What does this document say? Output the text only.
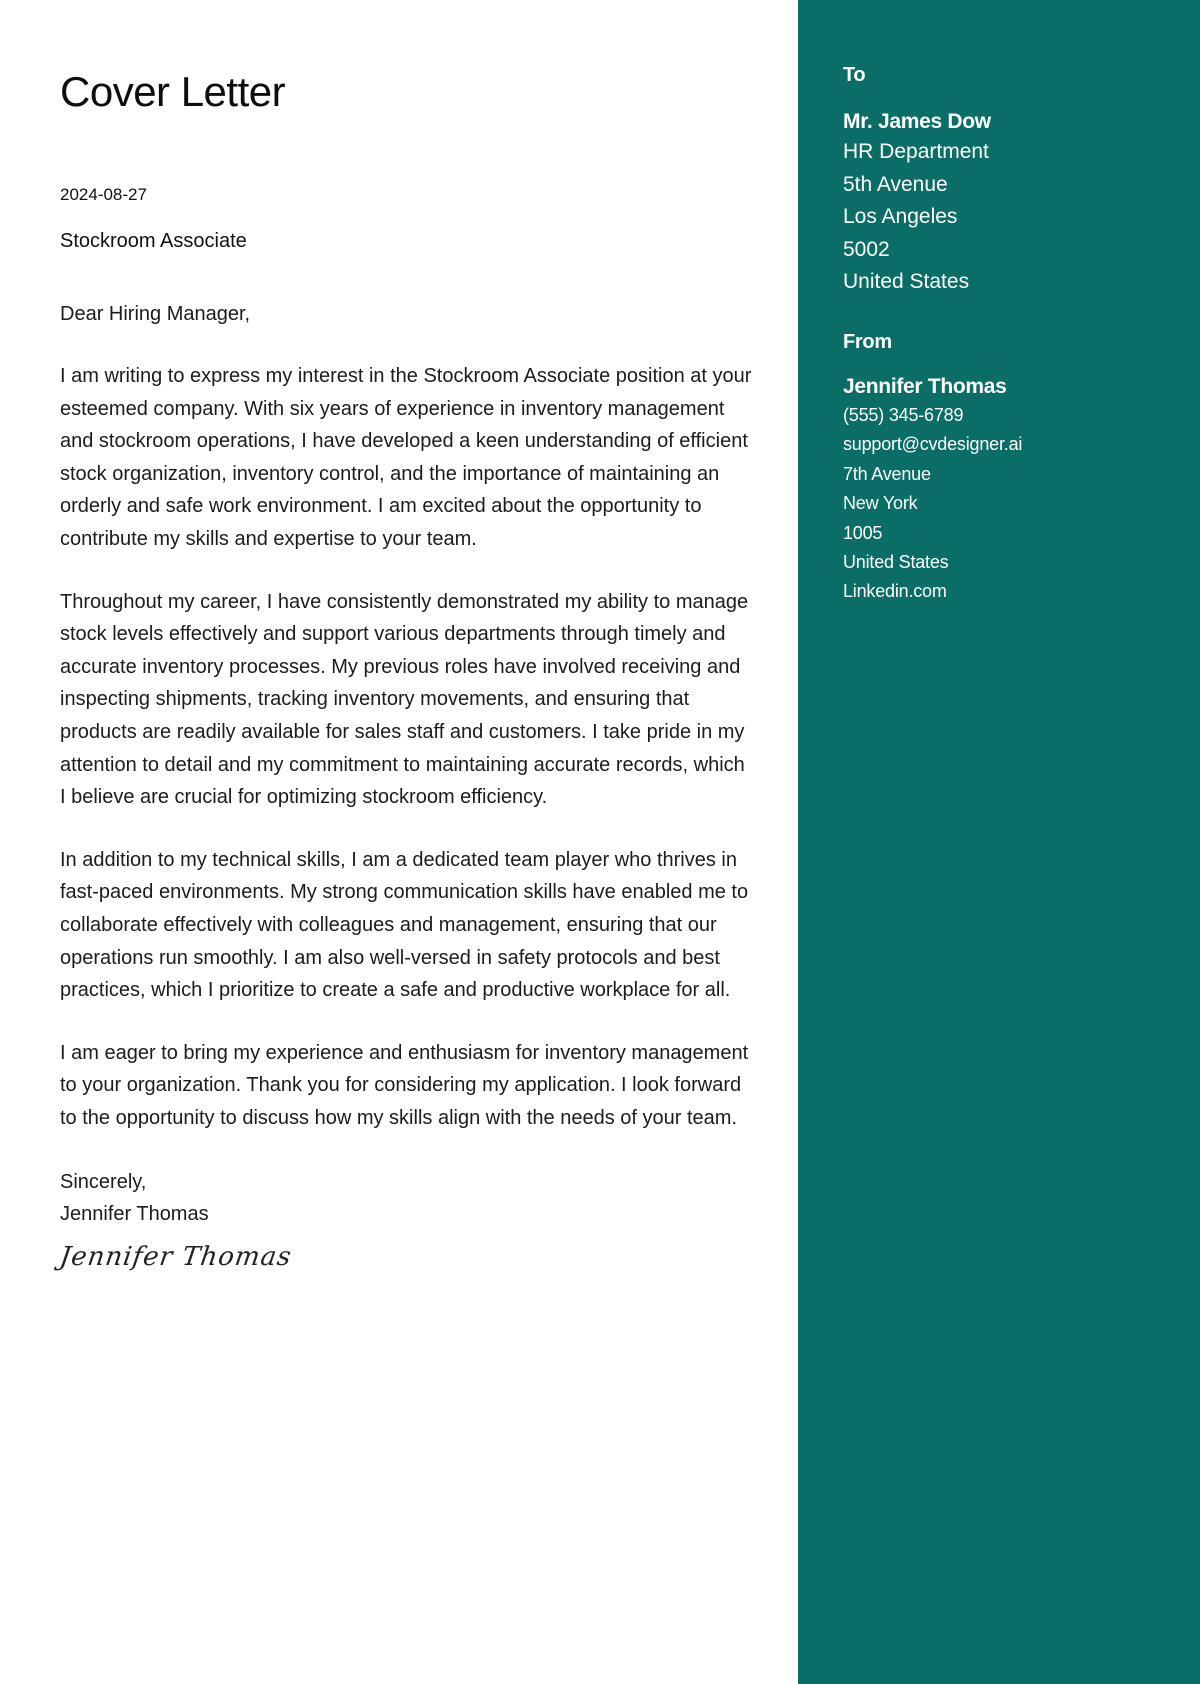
Cover Letter
2024-08-27
Stockroom Associate
Dear Hiring Manager,
I am writing to express my interest in the Stockroom Associate position at your esteemed company. With six years of experience in inventory management and stockroom operations, I have developed a keen understanding of efficient stock organization, inventory control, and the importance of maintaining an orderly and safe work environment. I am excited about the opportunity to contribute my skills and expertise to your team.
Throughout my career, I have consistently demonstrated my ability to manage stock levels effectively and support various departments through timely and accurate inventory processes. My previous roles have involved receiving and inspecting shipments, tracking inventory movements, and ensuring that products are readily available for sales staff and customers. I take pride in my attention to detail and my commitment to maintaining accurate records, which I believe are crucial for optimizing stockroom efficiency.
In addition to my technical skills, I am a dedicated team player who thrives in fast-paced environments. My strong communication skills have enabled me to collaborate effectively with colleagues and management, ensuring that our operations run smoothly. I am also well-versed in safety protocols and best practices, which I prioritize to create a safe and productive workplace for all.
I am eager to bring my experience and enthusiasm for inventory management to your organization. Thank you for considering my application. I look forward to the opportunity to discuss how my skills align with the needs of your team.
Sincerely,
Jennifer Thomas
Jennifer Thomas
To
Mr. James Dow
HR Department
5th Avenue
Los Angeles
5002
United States
From
Jennifer Thomas
(555) 345-6789
support@cvdesigner.ai
7th Avenue
New York
1005
United States
Linkedin.com
